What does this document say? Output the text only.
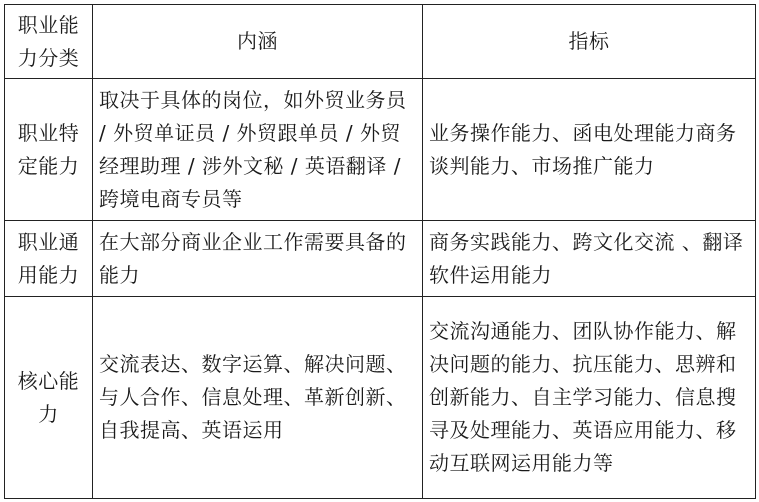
职业能力分类	内涵	指标
职业特定能力	取决于具体的岗位，如外贸业务员 / 外贸单证员 / 外贸跟单员 / 外贸经理助理 / 涉外文秘 / 英语翻译 / 跨境电商专员等	业务操作能力、函电处理能力商务谈判能力、市场推广能力
职业通用能力	在大部分商业企业工作需要具备的能力	商务实践能力、跨文化交流 、翻译软件运用能力
核心能力	交流表达、数字运算、解决问题、与人合作、信息处理、革新创新、自我提高、英语运用	交流沟通能力、团队协作能力、解决问题的能力、抗压能力、思辨和创新能力、自主学习能力、信息搜寻及处理能力、英语应用能力、移动互联网运用能力等
